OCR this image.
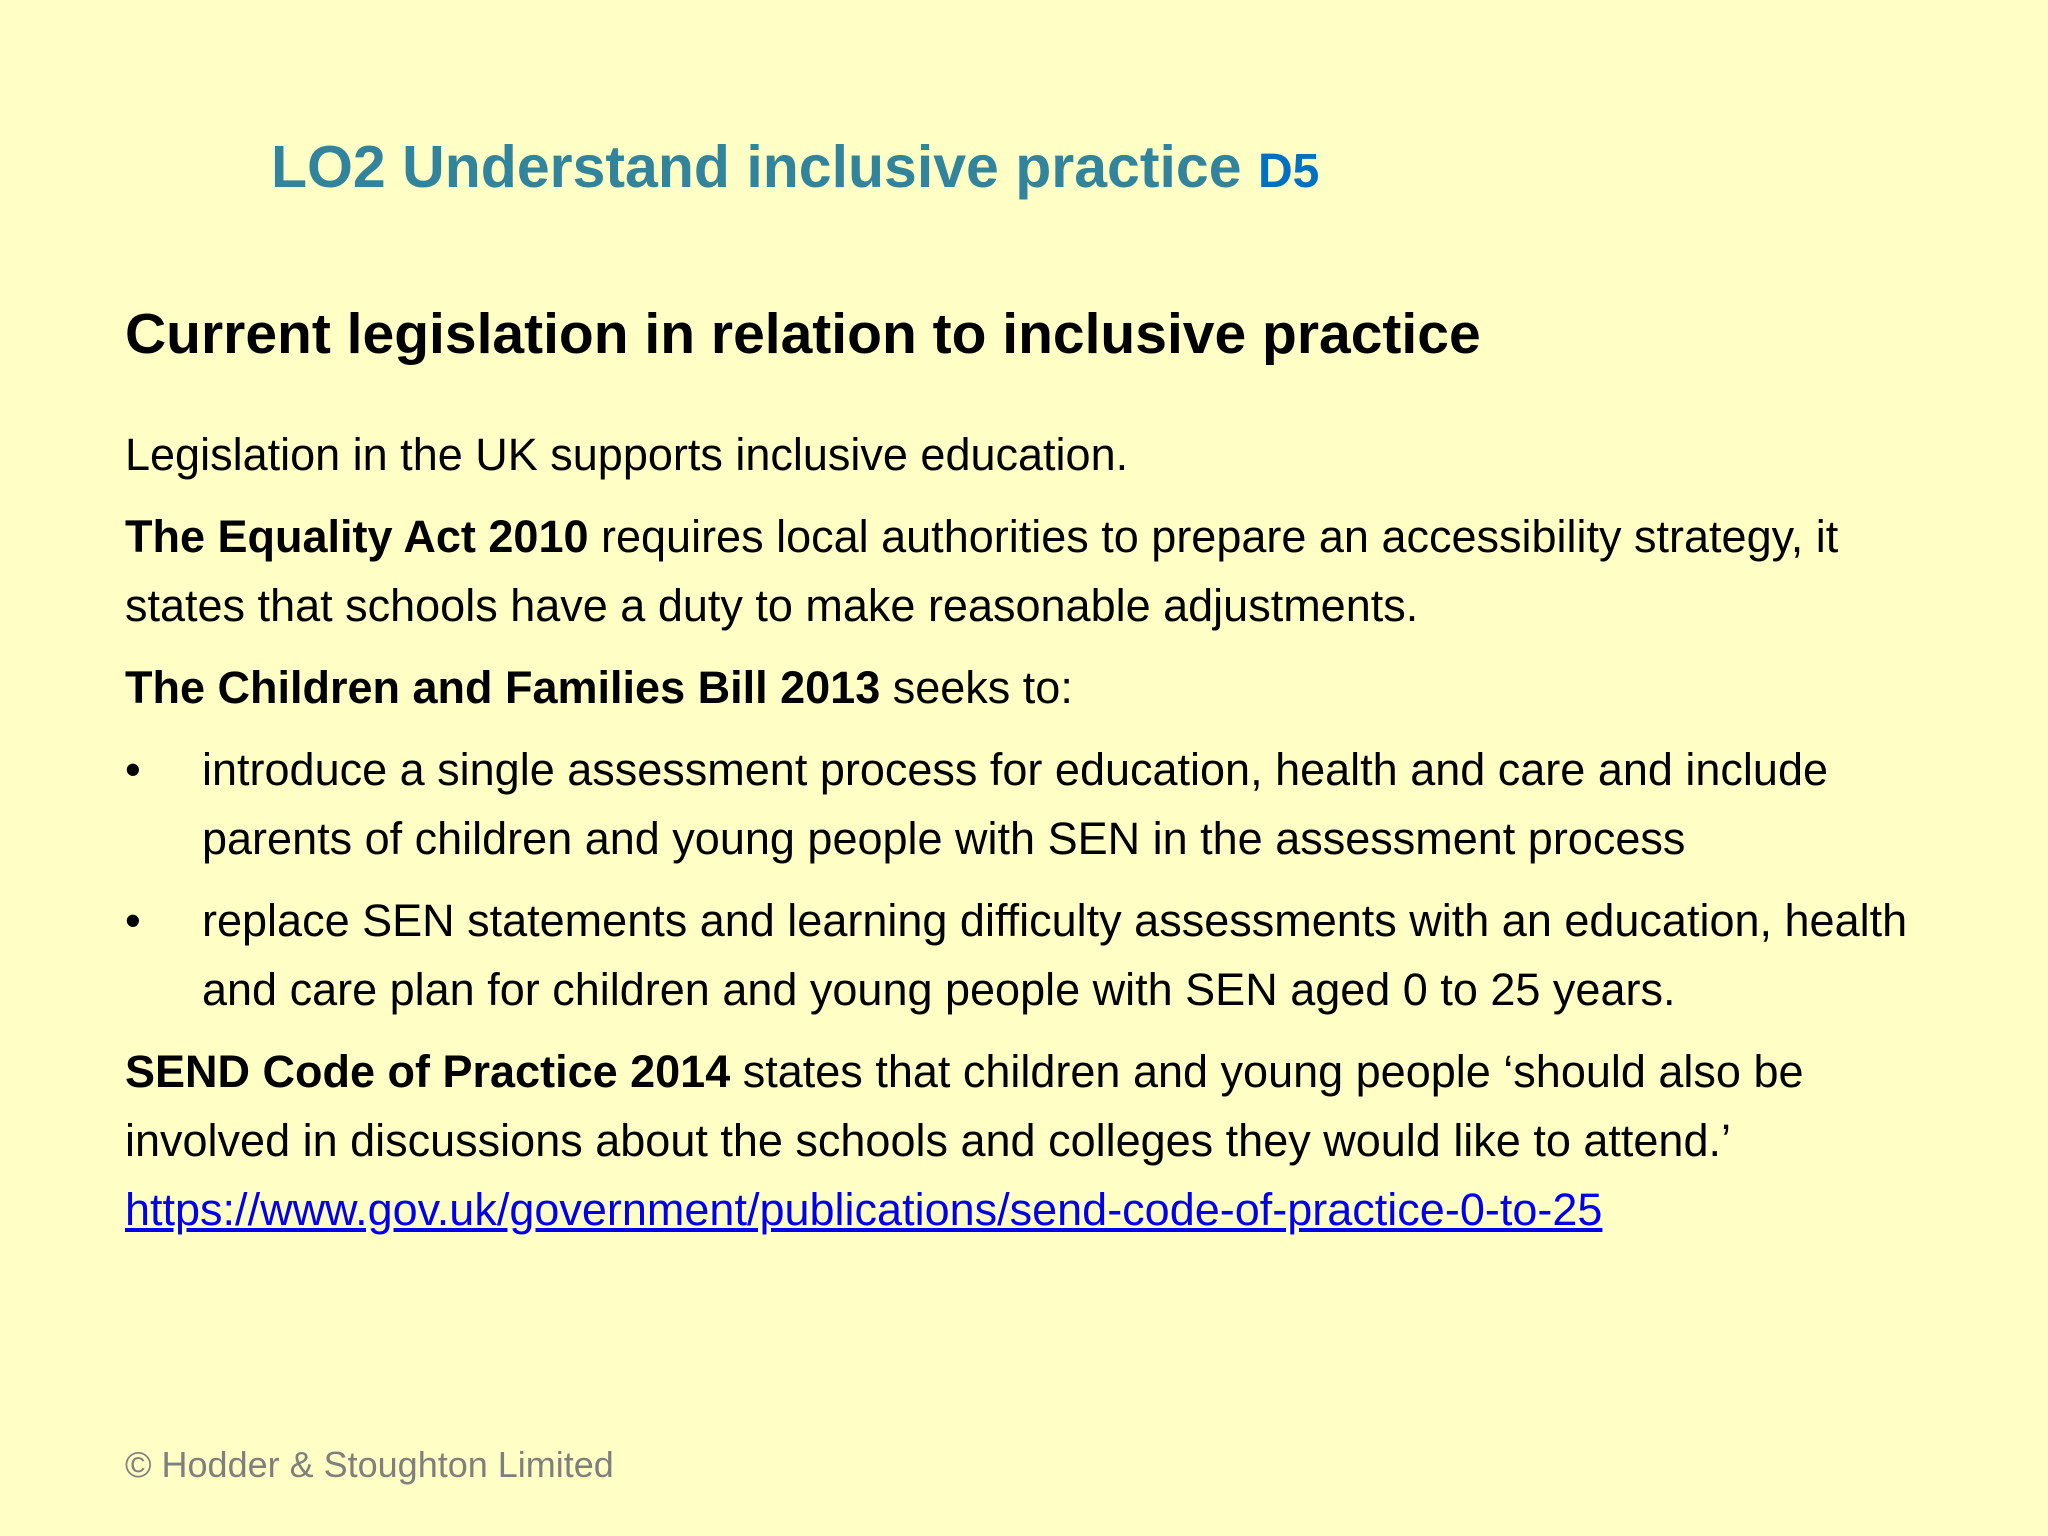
LO2 Understand inclusive practice D5
Current legislation in relation to inclusive practice

Legislation in the UK supports inclusive education.

The Equality Act 2010 requires local authorities to prepare an accessibility strategy, it states that schools have a duty to make reasonable adjustments.

The Children and Families Bill 2013 seeks to:

• introduce a single assessment process for education, health and care and include parents of children and young people with SEN in the assessment process
• replace SEN statements and learning difficulty assessments with an education, health and care plan for children and young people with SEN aged 0 to 25 years.

SEND Code of Practice 2014 states that children and young people ‘should also be involved in discussions about the schools and colleges they would like to attend.’ https://www.gov.uk/government/publications/send-code-of-practice-0-to-25

© Hodder & Stoughton Limited
